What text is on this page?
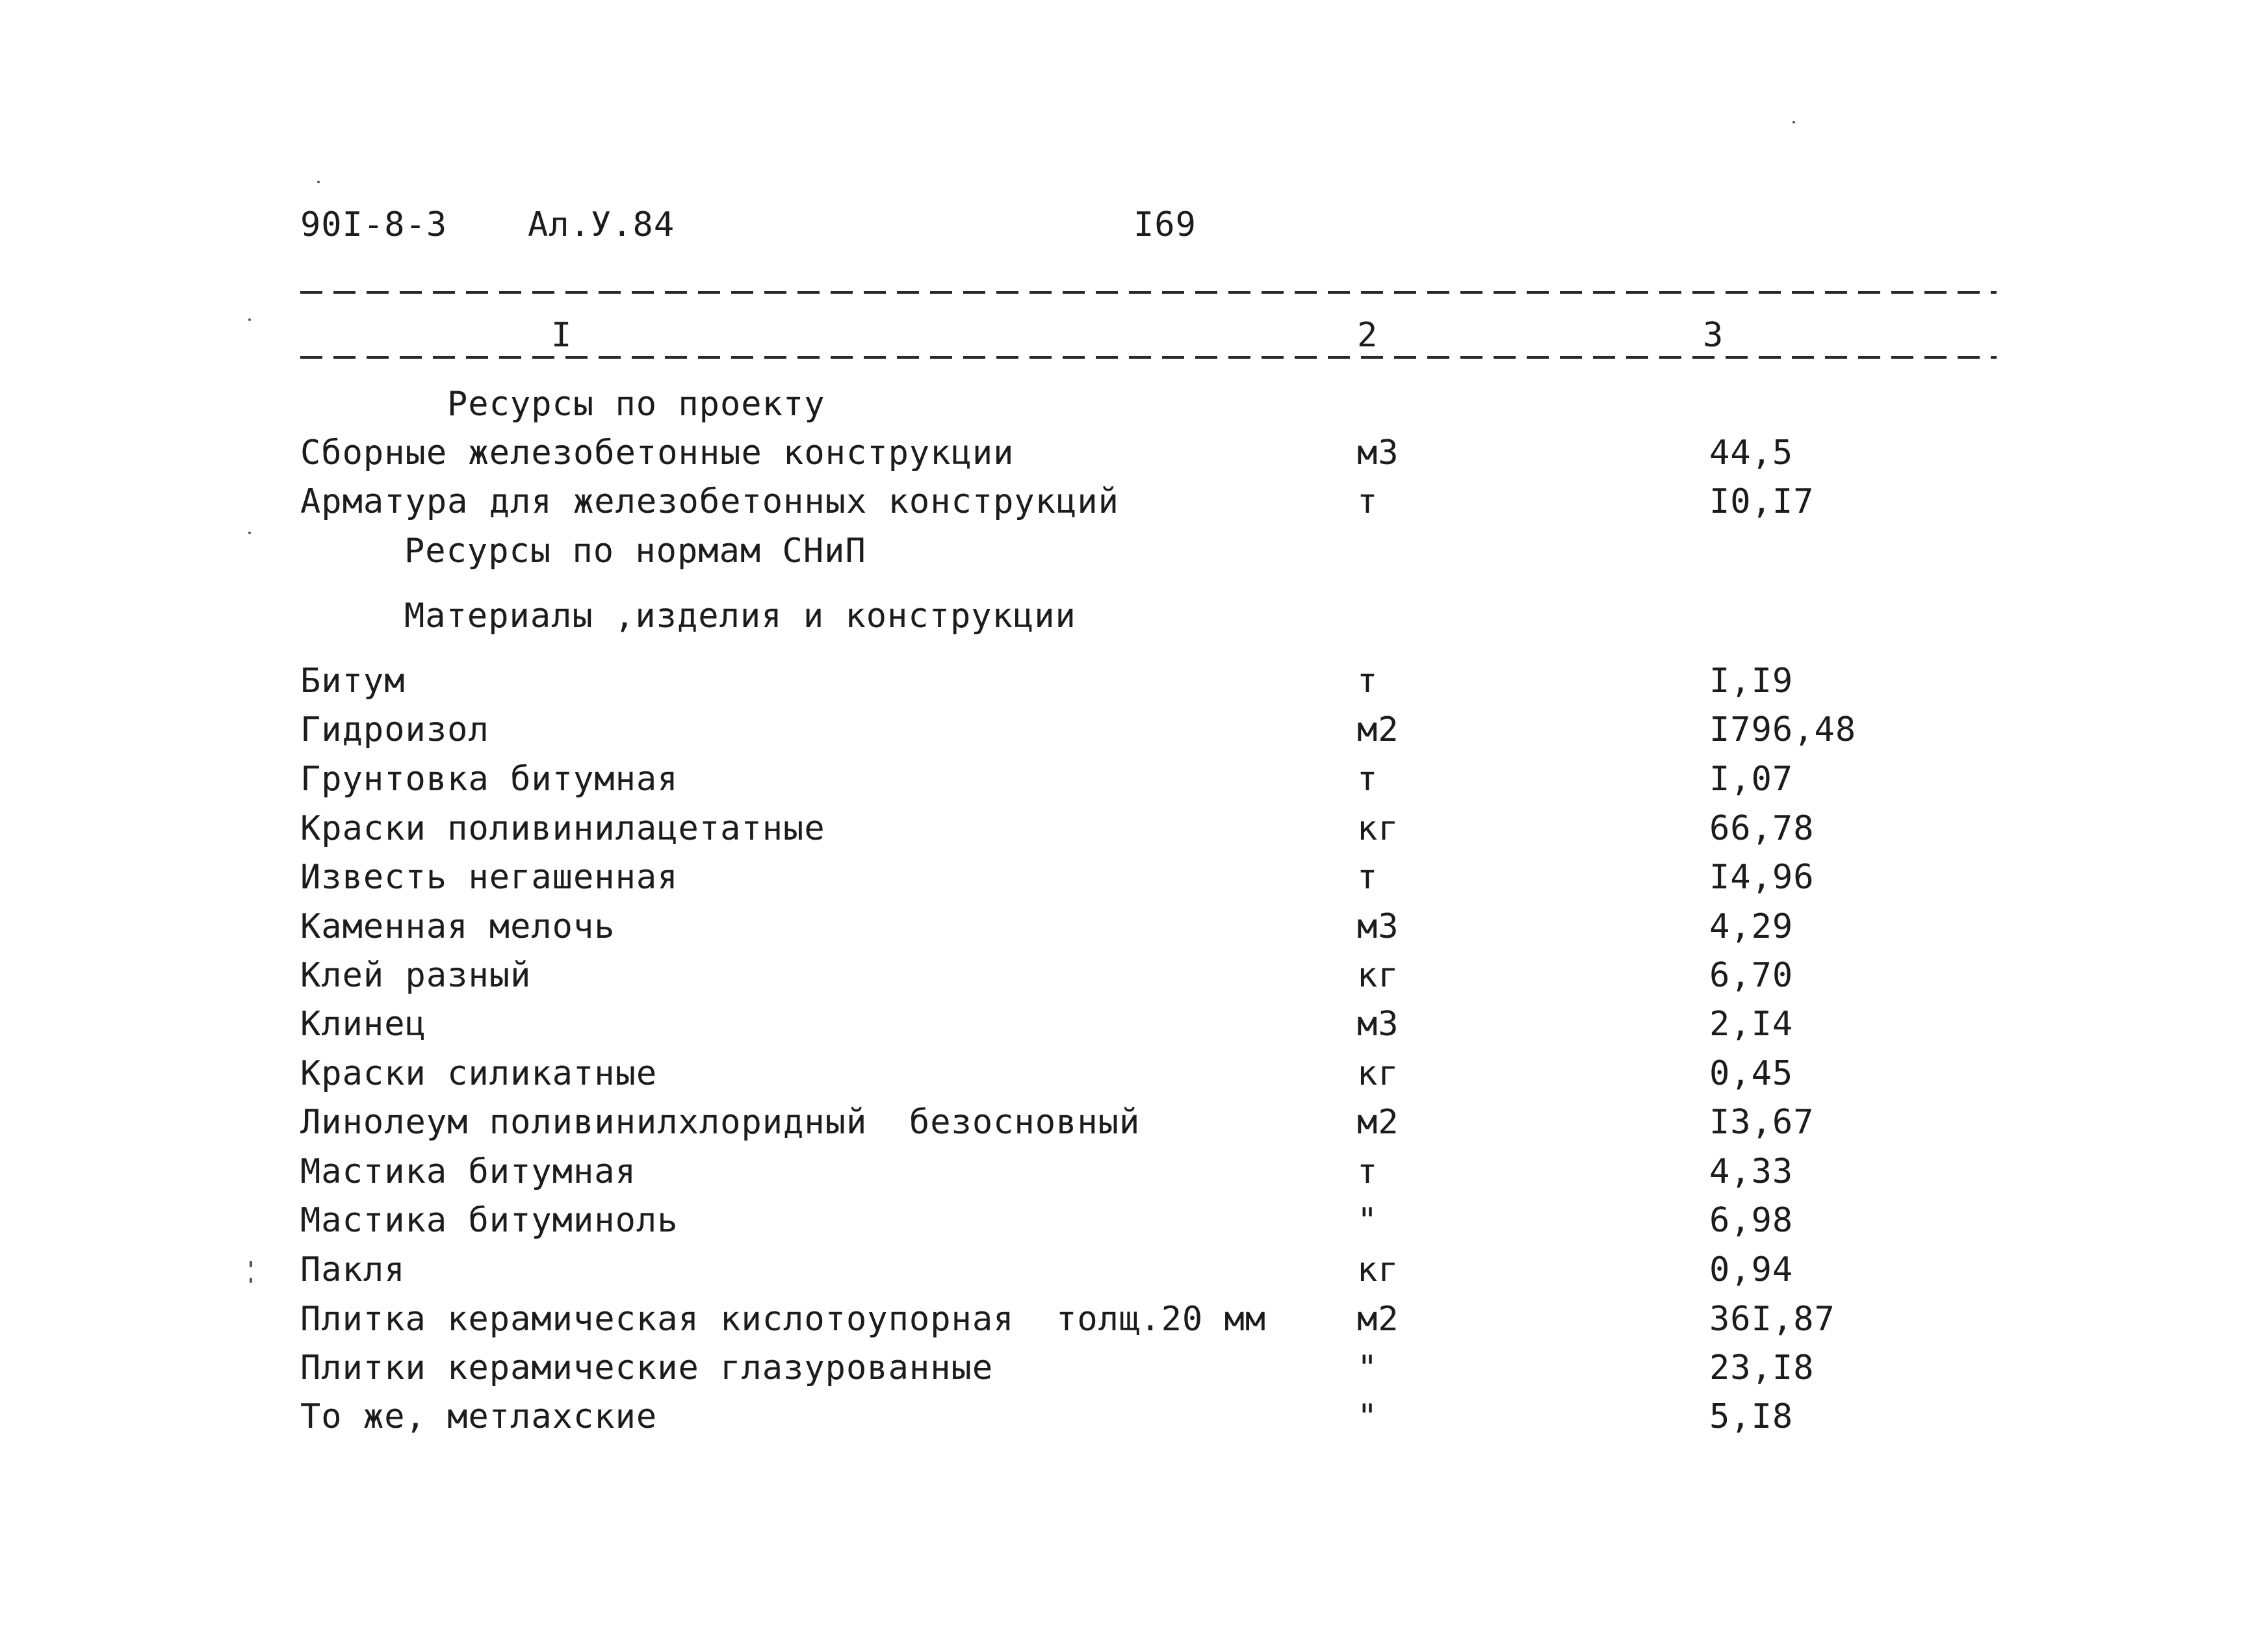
90I-8-3 Ал.У.84	I69
I	2	3
Ресурсы по проекту
Сборные железобетонные конструкции	м3	44,5
Арматура для железобетонных конструкций	т	I0,I7
Ресурсы по нормам СНиП
Материалы ,изделия и конструкции
Битум	т	I,I9
Гидроизол	м2	I796,48
Грунтовка битумная	т	I,07
Краски поливинилацетатные	кг	66,78
Известь негашенная	т	I4,96
Каменная мелочь	м3	4,29
Клей разный	кг	6,70
Клинец	м3	2,I4
Краски силикатные	кг	0,45
Линолеум поливинилхлоридный  безосновный	м2	I3,67
Мастика битумная	т	4,33
Мастика битуминоль	"	6,98
Пакля	кг	0,94
Плитка керамическая кислотоупорная  толщ.20 мм	м2	36I,87
Плитки керамические глазурованные	"	23,I8
То же, метлахские	"	5,I8
